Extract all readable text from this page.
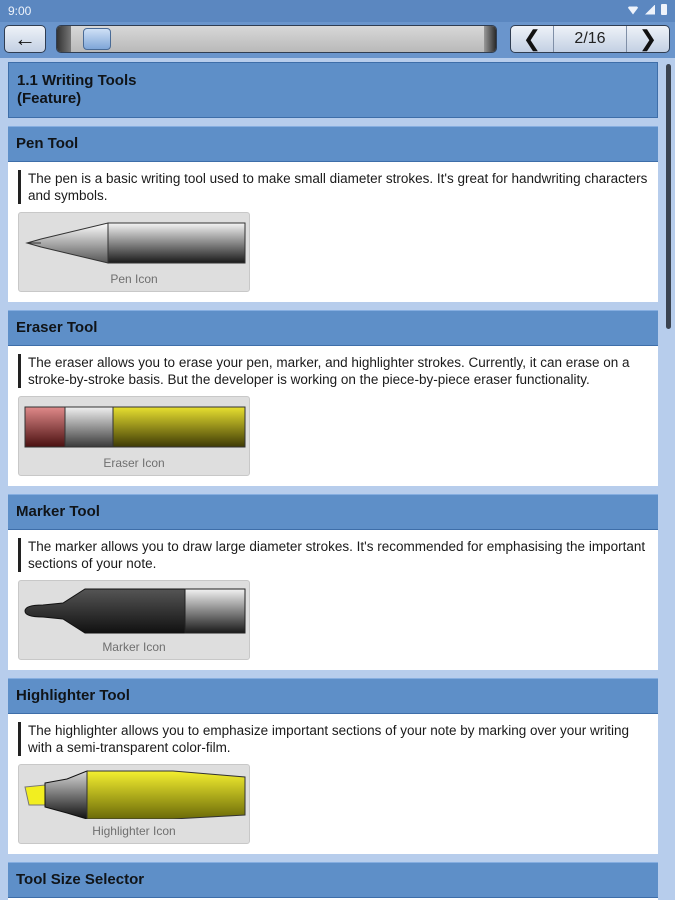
9:00
←	❮	2/16	❯
1.1 Writing Tools
(Feature)
Pen Tool
The pen is a basic writing tool used to make small diameter strokes. It's great for handwriting characters and symbols.
Pen Icon
Eraser Tool
The eraser allows you to erase your pen, marker, and highlighter strokes. Currently, it can erase on a stroke-by-stroke basis. But the developer is working on the piece-by-piece eraser functionality.
Eraser Icon
Marker Tool
The marker allows you to draw large diameter strokes. It's recommended for emphasising the important sections of your note.
Marker Icon
Highlighter Tool
The highlighter allows you to emphasize important sections of your note by marking over your writing with a semi-transparent color-film.
Highlighter Icon
Tool Size Selector
